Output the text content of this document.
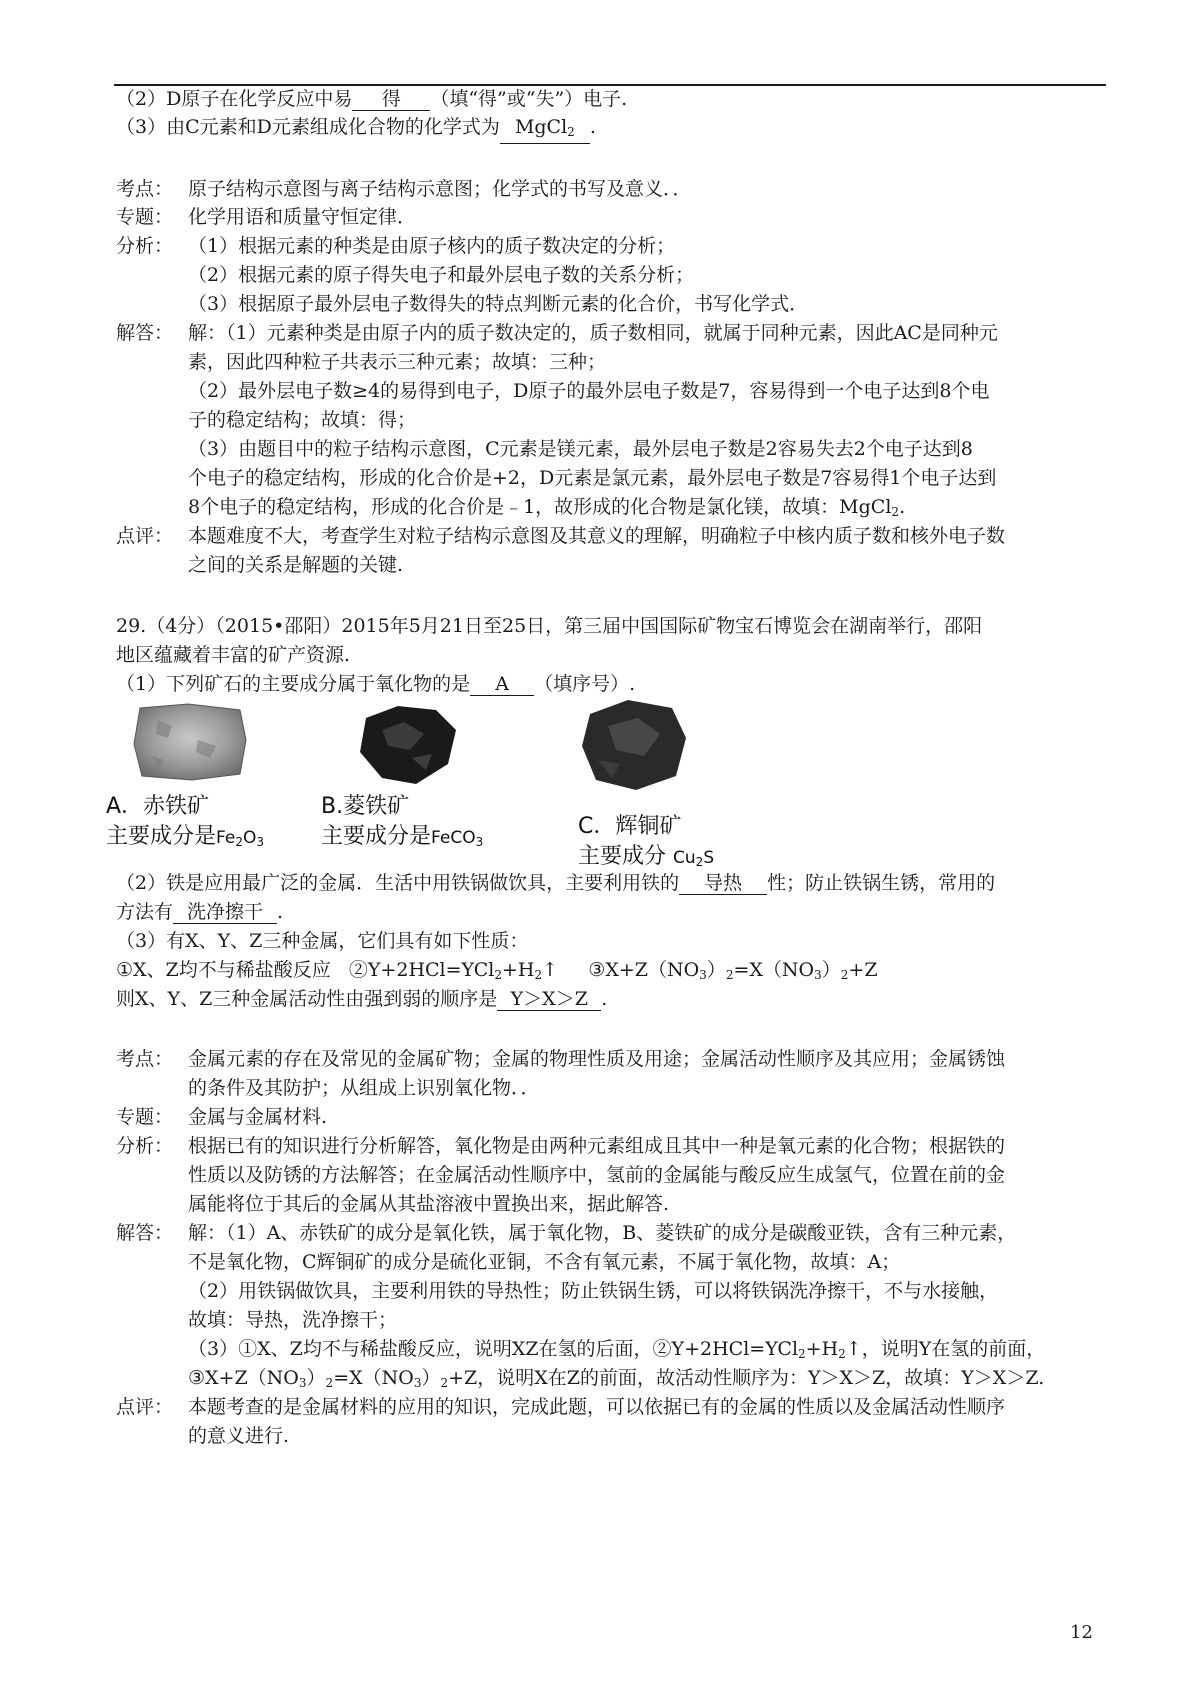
（2）D原子在化学反应中易 得 （填“得”或“失”）电子.
（3）由C元素和D元素组成化合物的化学式为 MgCl$_2$ .
考点： 原子结构示意图与离子结构示意图；化学式的书写及意义．．
专题： 化学用语和质量守恒定律．
分析： （1）根据元素的种类是由原子核内的质子数决定的分析；
（2）根据元素的原子得失电子和最外层电子数的关系分析；
（3）根据原子最外层电子数得失的特点判断元素的化合价，书写化学式．
解答： 解：（1）元素种类是由原子内的质子数决定的，质子数相同，就属于同种元素，因此AC是同种元
素，因此四种粒子共表示三种元素；故填：三种；
（2）最外层电子数≥4的易得到电子，D原子的最外层电子数是7，容易得到一个电子达到8个电
子的稳定结构；故填：得；
（3）由题目中的粒子结构示意图，C元素是镁元素，最外层电子数是2容易失去2个电子达到8
个电子的稳定结构，形成的化合价是+2，D元素是氯元素，最外层电子数是7容易得1个电子达到
8个电子的稳定结构，形成的化合价是﹣1，故形成的化合物是氯化镁，故填：MgCl$_2$.
点评： 本题难度不大，考查学生对粒子结构示意图及其意义的理解，明确粒子中核内质子数和核外电子数
之间的关系是解题的关键.
29.（4分）（2015•邵阳）2015年5月21日至25日，第三届中国国际矿物宝石博览会在湖南举行，邵阳
地区蕴藏着丰富的矿产资源.
（1）下列矿石的主要成分属于氧化物的是 A （填序号）.
A．赤铁矿
主要成分是$Fe_2O_3$
B.菱铁矿
主要成分是FeCO$_3$
C．辉铜矿
主要成分 $Cu_2S$
（2）铁是应用最广泛的金属．生活中用铁锅做饮具，主要利用铁的 导热 性；防止铁锅生锈，常用的
方法有 洗净擦干 .
（3）有X、Y、Z三种金属，它们具有如下性质：
①X、Z均不与稀盐酸反应 $②Y+2HCl=YCl_2+H_2↑$ $③X+Z(NO_3)_2=X(NO_3)_2+Z$
则X、Y、Z三种金属活动性由强到弱的顺序是 Y＞X＞Z .
考点： 金属元素的存在及常见的金属矿物；金属的物理性质及用途；金属活动性顺序及其应用；金属锈蚀
的条件及其防护；从组成上识别氧化物．．
专题： 金属与金属材料.
分析： 根据已有的知识进行分析解答，氧化物是由两种元素组成且其中一种是氧元素的化合物；根据铁的
性质以及防锈的方法解答；在金属活动性顺序中，氢前的金属能与酸反应生成氢气，位置在前的金
属能将位于其后的金属从其盐溶液中置换出来，据此解答.
解答： 解：（1）A、赤铁矿的成分是氧化铁，属于氧化物，B、菱铁矿的成分是碳酸亚铁，含有三种元素，
不是氧化物，C辉铜矿的成分是硫化亚铜，不含有氧元素，不属于氧化物，故填：A；
（2）用铁锅做饮具，主要利用铁的导热性；防止铁锅生锈，可以将铁锅洗净擦干，不与水接触，
故填：导热，洗净擦干；
（3）①X、Z均不与稀盐酸反应，说明XZ在氢的后面，$②Y+2HCl=YCl_2+H_2↑$，说明Y在氢的前面，
$③X+Z(NO_3)_2=X(NO_3)_2+Z$，说明X在Z的前面，故活动性顺序为：Y＞X＞Z，故填：Y＞X＞Z.
点评： 本题考查的是金属材料的应用的知识，完成此题，可以依据已有的金属的性质以及金属活动性顺序
的意义进行.
12
